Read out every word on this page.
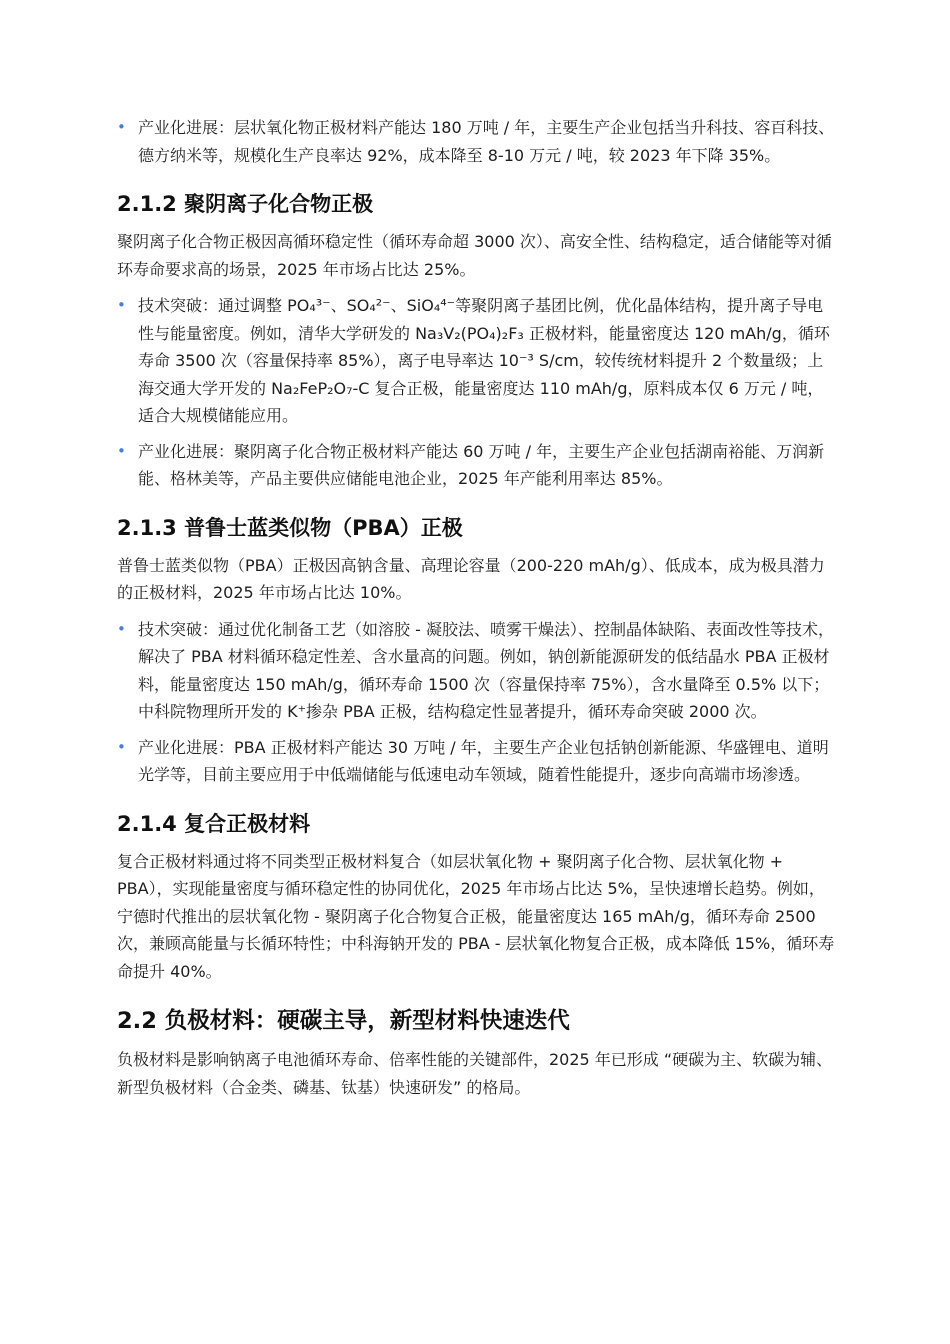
• 产业化进展：层状氧化物正极材料产能达 180 万吨 / 年，主要生产企业包括当升科技、容百科技、德方纳米等，规模化生产良率达 92%，成本降至 8-10 万元 / 吨，较 2023 年下降 35%。
2.1.2 聚阴离子化合物正极

聚阴离子化合物正极因高循环稳定性（循环寿命超 3000 次）、高安全性、结构稳定，适合储能等对循环寿命要求高的场景，2025 年市场占比达 25%。

• 技术突破：通过调整 PO₄³⁻、SO₄²⁻、SiO₄⁴⁻等聚阴离子基团比例，优化晶体结构，提升离子导电性与能量密度。例如，清华大学研发的 Na₃V₂(PO₄)₂F₃ 正极材料，能量密度达 120 mAh/g，循环寿命 3500 次（容量保持率 85%），离子电导率达 10⁻³ S/cm，较传统材料提升 2 个数量级；上海交通大学开发的 Na₂FeP₂O₇-C 复合正极，能量密度达 110 mAh/g，原料成本仅 6 万元 / 吨，适合大规模储能应用。
• 产业化进展：聚阴离子化合物正极材料产能达 60 万吨 / 年，主要生产企业包括湖南裕能、万润新能、格林美等，产品主要供应储能电池企业，2025 年产能利用率达 85%。
2.1.3 普鲁士蓝类似物（PBA）正极

普鲁士蓝类似物（PBA）正极因高钠含量、高理论容量（200-220 mAh/g）、低成本，成为极具潜力的正极材料，2025 年市场占比达 10%。

• 技术突破：通过优化制备工艺（如溶胶 - 凝胶法、喷雾干燥法）、控制晶体缺陷、表面改性等技术，解决了 PBA 材料循环稳定性差、含水量高的问题。例如，钠创新能源研发的低结晶水 PBA 正极材料，能量密度达 150 mAh/g，循环寿命 1500 次（容量保持率 75%），含水量降至 0.5% 以下；中科院物理所开发的 K⁺掺杂 PBA 正极，结构稳定性显著提升，循环寿命突破 2000 次。
• 产业化进展：PBA 正极材料产能达 30 万吨 / 年，主要生产企业包括钠创新能源、华盛锂电、道明光学等，目前主要应用于中低端储能与低速电动车领域，随着性能提升，逐步向高端市场渗透。
2.1.4 复合正极材料

复合正极材料通过将不同类型正极材料复合（如层状氧化物 + 聚阴离子化合物、层状氧化物 + PBA），实现能量密度与循环稳定性的协同优化，2025 年市场占比达 5%，呈快速增长趋势。例如，宁德时代推出的层状氧化物 - 聚阴离子化合物复合正极，能量密度达 165 mAh/g，循环寿命 2500 次，兼顾高能量与长循环特性；中科海钠开发的 PBA - 层状氧化物复合正极，成本降低 15%，循环寿命提升 40%。

2.2 负极材料：硬碳主导，新型材料快速迭代

负极材料是影响钠离子电池循环寿命、倍率性能的关键部件，2025 年已形成 “硬碳为主、软碳为辅、新型负极材料（合金类、磷基、钛基）快速研发” 的格局。
